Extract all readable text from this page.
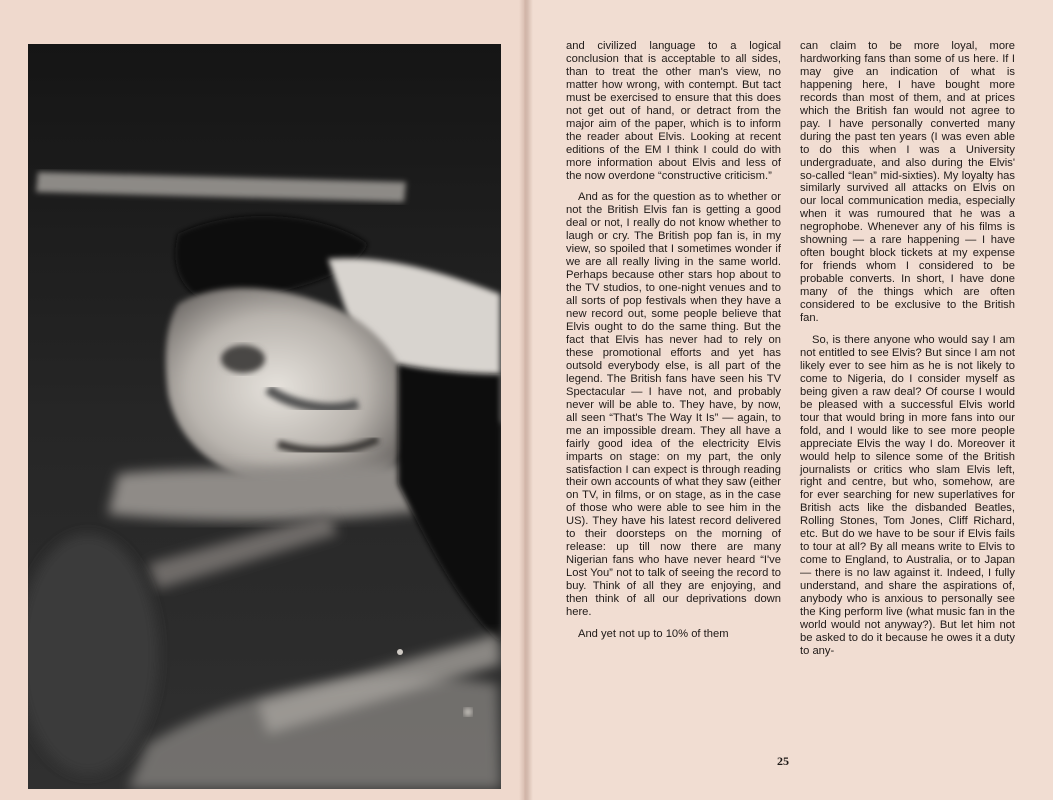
and civilized language to a logical conclusion that is acceptable to all sides, than to treat the other man's view, no matter how wrong, with contempt. But tact must be exercised to ensure that this does not get out of hand, or detract from the major aim of the paper, which is to inform the reader about Elvis. Looking at recent editions of the EM I think I could do with more information about Elvis and less of the now overdone “constructive criticism.”

And as for the question as to whether or not the British Elvis fan is getting a good deal or not, I really do not know whether to laugh or cry. The British pop fan is, in my view, so spoiled that I sometimes wonder if we are all really living in the same world. Perhaps because other stars hop about to the TV studios, to one-night venues and to all sorts of pop festivals when they have a new record out, some people believe that Elvis ought to do the same thing. But the fact that Elvis has never had to rely on these promotional efforts and yet has outsold everybody else, is all part of the legend. The British fans have seen his TV Spectacular — I have not, and probably never will be able to. They have, by now, all seen “That's The Way It Is” — again, to me an impossible dream. They all have a fairly good idea of the electricity Elvis imparts on stage: on my part, the only satisfaction I can expect is through reading their own accounts of what they saw (either on TV, in films, or on stage, as in the case of those who were able to see him in the US). They have his latest record delivered to their doorsteps on the morning of release: up till now there are many Nigerian fans who have never heard “I've Lost You” not to talk of seeing the record to buy. Think of all they are enjoying, and then think of all our deprivations down here.

And yet not up to 10% of them

can claim to be more loyal, more hardworking fans than some of us here. If I may give an indication of what is happening here, I have bought more records than most of them, and at prices which the British fan would not agree to pay. I have personally converted many during the past ten years (I was even able to do this when I was a University undergraduate, and also during the Elvis' so-called “lean” mid-sixties). My loyalty has similarly survived all attacks on Elvis on our local communication media, especially when it was rumoured that he was a negrophobe. Whenever any of his films is showning — a rare happening — I have often bought block tickets at my expense for friends whom I considered to be probable converts. In short, I have done many of the things which are often considered to be exclusive to the British fan.

So, is there anyone who would say I am not entitled to see Elvis? But since I am not likely ever to see him as he is not likely to come to Nigeria, do I consider myself as being given a raw deal? Of course I would be pleased with a successful Elvis world tour that would bring in more fans into our fold, and I would like to see more people appreciate Elvis the way I do. Moreover it would help to silence some of the British journalists or critics who slam Elvis left, right and centre, but who, somehow, are for ever searching for new superlatives for British acts like the disbanded Beatles, Rolling Stones, Tom Jones, Cliff Richard, etc. But do we have to be sour if Elvis fails to tour at all? By all means write to Elvis to come to England, to Australia, or to Japan — there is no law against it. Indeed, I fully understand, and share the aspirations of, anybody who is anxious to personally see the King perform live (what music fan in the world would not anyway?). But let him not be asked to do it because he owes it a duty to any-

25
